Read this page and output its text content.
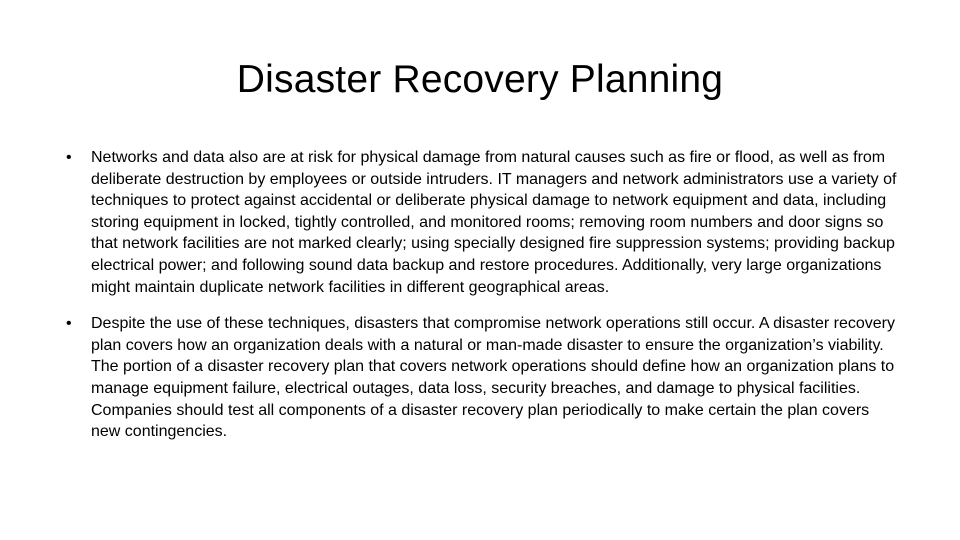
Disaster Recovery Planning
•	Networks and data also are at risk for physical damage from natural causes such as fire or flood, as well as from deliberate destruction by employees or outside intruders. IT managers and network administrators use a variety of techniques to protect against accidental or deliberate physical damage to network equipment and data, including storing equipment in locked, tightly controlled, and monitored rooms; removing room numbers and door signs so that network facilities are not marked clearly; using specially designed fire suppression systems; providing backup electrical power; and following sound data backup and restore procedures. Additionally, very large organizations might maintain duplicate network facilities in different geographical areas.
•	Despite the use of these techniques, disasters that compromise network operations still occur. A disaster recovery plan covers how an organization deals with a natural or man-made disaster to ensure the organization’s viability. The portion of a disaster recovery plan that covers network operations should define how an organization plans to manage equipment failure, electrical outages, data loss, security breaches, and damage to physical facilities. Companies should test all components of a disaster recovery plan periodically to make certain the plan covers new contingencies.
